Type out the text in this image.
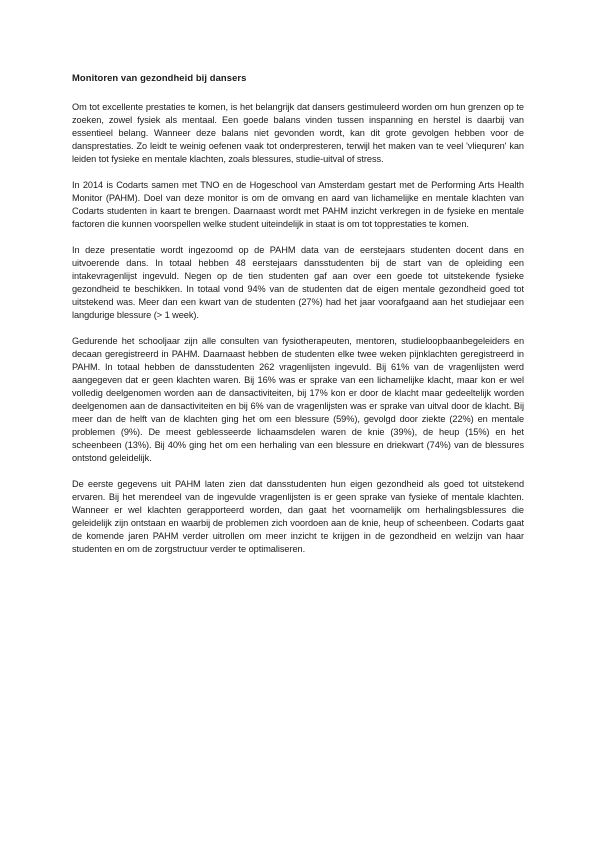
Monitoren van gezondheid bij dansers

Om tot excellente prestaties te komen, is het belangrijk dat dansers gestimuleerd worden om hun grenzen op te zoeken, zowel fysiek als mentaal. Een goede balans vinden tussen inspanning en herstel is daarbij van essentieel belang. Wanneer deze balans niet gevonden wordt, kan dit grote gevolgen hebben voor de dansprestaties. Zo leidt te weinig oefenen vaak tot onderpresteren, terwijl het maken van te veel 'vliequren' kan leiden tot fysieke en mentale klachten, zoals blessures, studie-uitval of stress.

In 2014 is Codarts samen met TNO en de Hogeschool van Amsterdam gestart met de Performing Arts Health Monitor (PAHM). Doel van deze monitor is om de omvang en aard van lichamelijke en mentale klachten van Codarts studenten in kaart te brengen. Daarnaast wordt met PAHM inzicht verkregen in de fysieke en mentale factoren die kunnen voorspellen welke student uiteindelijk in staat is om tot topprestaties te komen.

In deze presentatie wordt ingezoomd op de PAHM data van de eerstejaars studenten docent dans en uitvoerende dans. In totaal hebben 48 eerstejaars dansstudenten bij de start van de opleiding een intakevragenlijst ingevuld. Negen op de tien studenten gaf aan over een goede tot uitstekende fysieke gezondheid te beschikken. In totaal vond 94% van de studenten dat de eigen mentale gezondheid goed tot uitstekend was. Meer dan een kwart van de studenten (27%) had het jaar voorafgaand aan het studiejaar een langdurige blessure (> 1 week).

Gedurende het schooljaar zijn alle consulten van fysiotherapeuten, mentoren, studieloopbaanbegeleiders en decaan geregistreerd in PAHM. Daarnaast hebben de studenten elke twee weken pijnklachten geregistreerd in PAHM. In totaal hebben de dansstudenten 262 vragenlijsten ingevuld. Bij 61% van de vragenlijsten werd aangegeven dat er geen klachten waren. Bij 16% was er sprake van een lichamelijke klacht, maar kon er wel volledig deelgenomen worden aan de dansactiviteiten, bij 17% kon er door de klacht maar gedeeltelijk worden deelgenomen aan de dansactiviteiten en bij 6% van de vragenlijsten was er sprake van uitval door de klacht. Bij meer dan de helft van de klachten ging het om een blessure (59%), gevolgd door ziekte (22%) en mentale problemen (9%). De meest geblesseerde lichaamsdelen waren de knie (39%), de heup (15%) en het scheenbeen (13%). Bij 40% ging het om een herhaling van een blessure en driekwart (74%) van de blessures ontstond geleidelijk.

De eerste gegevens uit PAHM laten zien dat dansstudenten hun eigen gezondheid als goed tot uitstekend ervaren. Bij het merendeel van de ingevulde vragenlijsten is er geen sprake van fysieke of mentale klachten. Wanneer er wel klachten gerapporteerd worden, dan gaat het voornamelijk om herhalingsblessures die geleidelijk zijn ontstaan en waarbij de problemen zich voordoen aan de knie, heup of scheenbeen. Codarts gaat de komende jaren PAHM verder uitrollen om meer inzicht te krijgen in de gezondheid en welzijn van haar studenten en om de zorgstructuur verder te optimaliseren.
